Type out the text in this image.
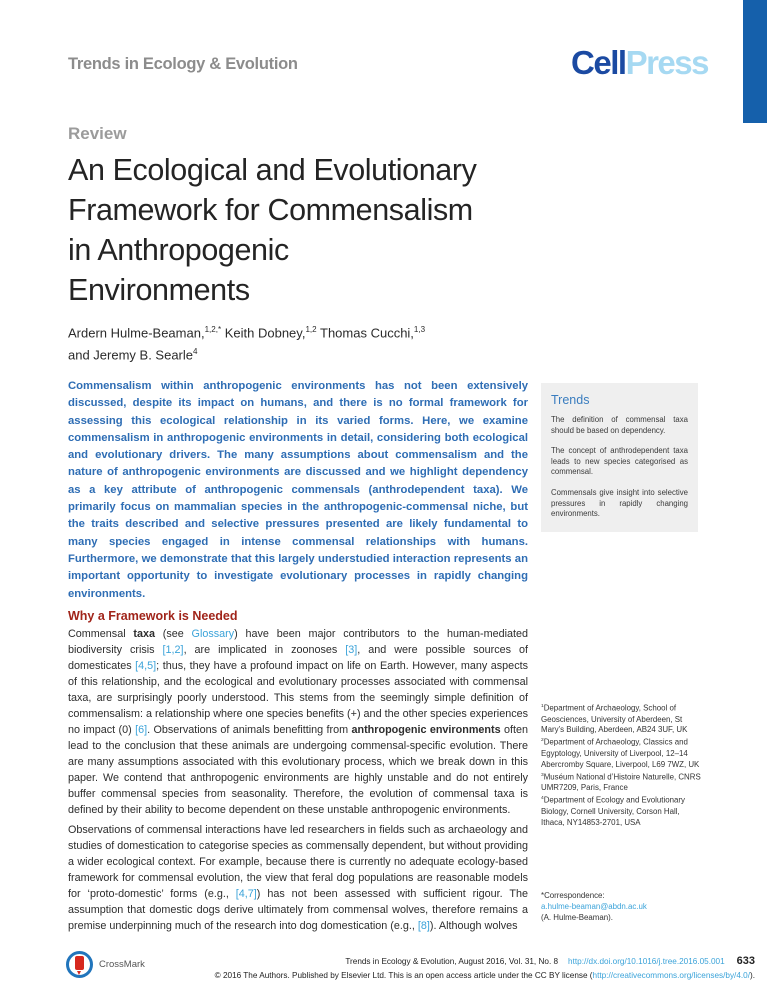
Trends in Ecology & Evolution	CellPress
Review
An Ecological and Evolutionary
Framework for Commensalism
in Anthropogenic
Environments
Ardern Hulme-Beaman,$^{1,2,*}$ Keith Dobney,$^{1,2}$ Thomas Cucchi,$^{1,3}$
and Jeremy B. Searle$^4$

Commensalism within anthropogenic environments has not been extensively discussed, despite its impact on humans, and there is no formal framework for assessing this ecological relationship in its varied forms. Here, we examine commensalism in anthropogenic environments in detail, considering both ecological and evolutionary drivers. The many assumptions about commensalism and the nature of anthropogenic environments are discussed and we highlight dependency as a key attribute of anthropogenic commensals (anthrodependent taxa). We primarily focus on mammalian species in the anthropogenic-commensal niche, but the traits described and selective pressures presented are likely fundamental to many species engaged in intense commensal relationships with humans. Furthermore, we demonstrate that this largely understudied interaction represents an important opportunity to investigate evolutionary processes in rapidly changing environments.

Trends

The definition of commensal taxa should be based on dependency.

The concept of anthrodependent taxa leads to new species categorised as commensal.

Commensals give insight into selective pressures in rapidly changing environments.

Why a Framework is Needed

Commensal taxa (see Glossary) have been major contributors to the human-mediated biodiversity crisis [1,2], are implicated in zoonoses [3], and were possible sources of domesticates [4,5]; thus, they have a profound impact on life on Earth. However, many aspects of this relationship, and the ecological and evolutionary processes associated with commensal taxa, are surprisingly poorly understood. This stems from the seemingly simple definition of commensalism: a relationship where one species benefits (+) and the other species experiences no impact (0) [6]. Observations of animals benefitting from anthropogenic environments often lead to the conclusion that these animals are undergoing commensal-specific evolution. There are many assumptions associated with this evolutionary process, which we break down in this paper. We contend that anthropogenic environments are highly unstable and do not entirely buffer commensal species from seasonality. Therefore, the evolution of commensal taxa is defined by their ability to become dependent on these unstable anthropogenic environments.

Observations of commensal interactions have led researchers in fields such as archaeology and studies of domestication to categorise species as commensally dependent, but without providing a wider ecological context. For example, because there is currently no adequate ecology-based framework for commensal evolution, the view that feral dog populations are reasonable models for ‘proto-domestic’ forms (e.g., [4,7]) has not been assessed with sufficient rigour. The assumption that domestic dogs derive ultimately from commensal wolves, therefore remains a premise underpinning much of the research into dog domestication (e.g., [8]). Although wolves

$^1$Department of Archaeology, School of Geosciences, University of Aberdeen, St Mary’s Building, Aberdeen, AB24 3UF, UK
$^2$Department of Archaeology, Classics and Egyptology, University of Liverpool, 12–14 Abercromby Square, Liverpool, L69 7WZ, UK
$^3$Muséum National d’Histoire Naturelle, CNRS UMR7209, Paris, France
$^4$Department of Ecology and Evolutionary Biology, Cornell University, Corson Hall, Ithaca, NY14853-2701, USA
*Correspondence:
a.hulme-beaman@abdn.ac.uk
(A. Hulme-Beaman).
CrossMark	Trends in Ecology & Evolution, August 2016, Vol. 31, No. 8 http://dx.doi.org/10.1016/j.tree.2016.05.001 633
© 2016 The Authors. Published by Elsevier Ltd. This is an open access article under the CC BY license (http://creativecommons.org/licenses/by/4.0/).
